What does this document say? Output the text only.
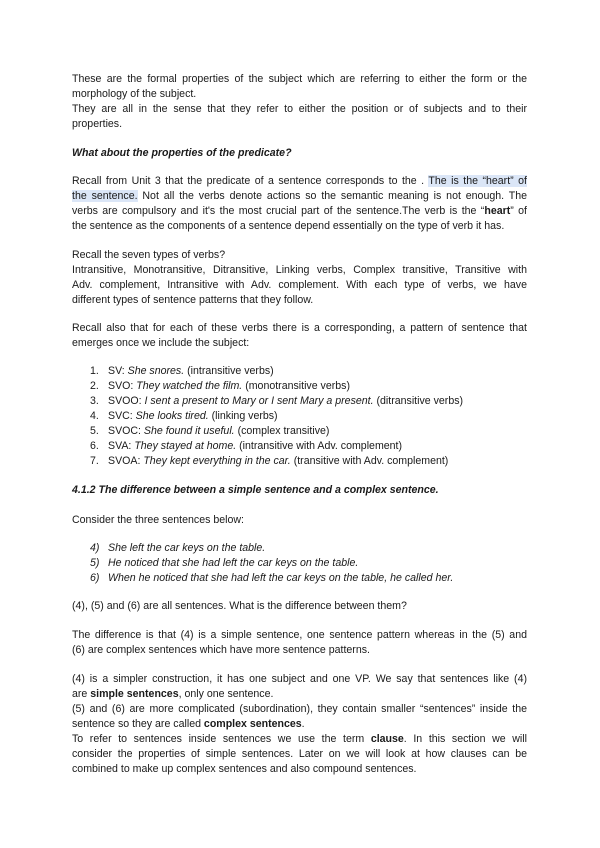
These are the formal properties of the subject which are referring to either the form or the
morphology of the subject.
They are all in the sense that they refer to either the position or of subjects and to their
properties.
What about the properties of the predicate?
Recall from Unit 3 that the predicate of a sentence corresponds to the . The is the “heart” of
the sentence. Not all the verbs denote actions so the semantic meaning is not enough. The
verbs are compulsory and it's the most crucial part of the sentence.The verb is the “heart” of
the sentence as the components of a sentence depend essentially on the type of verb it has.
Recall the seven types of verbs?
Intransitive, Monotransitive, Ditransitive, Linking verbs, Complex transitive, Transitive with
Adv. complement, Intransitive with Adv. complement. With each type of verbs, we have
different types of sentence patterns that they follow.
Recall also that for each of these verbs there is a corresponding, a pattern of sentence that
emerges once we include the subject:
1. SV: She snores. (intransitive verbs)
2. SVO: They watched the film. (monotransitive verbs)
3. SVOO: I sent a present to Mary or I sent Mary a present. (ditransitive verbs)
4. SVC: She looks tired. (linking verbs)
5. SVOC: She found it useful. (complex transitive)
6. SVA: They stayed at home. (intransitive with Adv. complement)
7. SVOA: They kept everything in the car. (transitive with Adv. complement)
4.1.2 The difference between a simple sentence and a complex sentence.
Consider the three sentences below:
4) She left the car keys on the table.
5) He noticed that she had left the car keys on the table.
6) When he noticed that she had left the car keys on the table, he called her.
(4), (5) and (6) are all sentences. What is the difference between them?
The difference is that (4) is a simple sentence, one sentence pattern whereas in the (5) and
(6) are complex sentences which have more sentence patterns.
(4) is a simpler construction, it has one subject and one VP. We say that sentences like (4)
are simple sentences, only one sentence.
(5) and (6) are more complicated (subordination), they contain smaller “sentences” inside the
sentence so they are called complex sentences.
To refer to sentences inside sentences we use the term clause. In this section we will
consider the properties of simple sentences. Later on we will look at how clauses can be
combined to make up complex sentences and also compound sentences.
